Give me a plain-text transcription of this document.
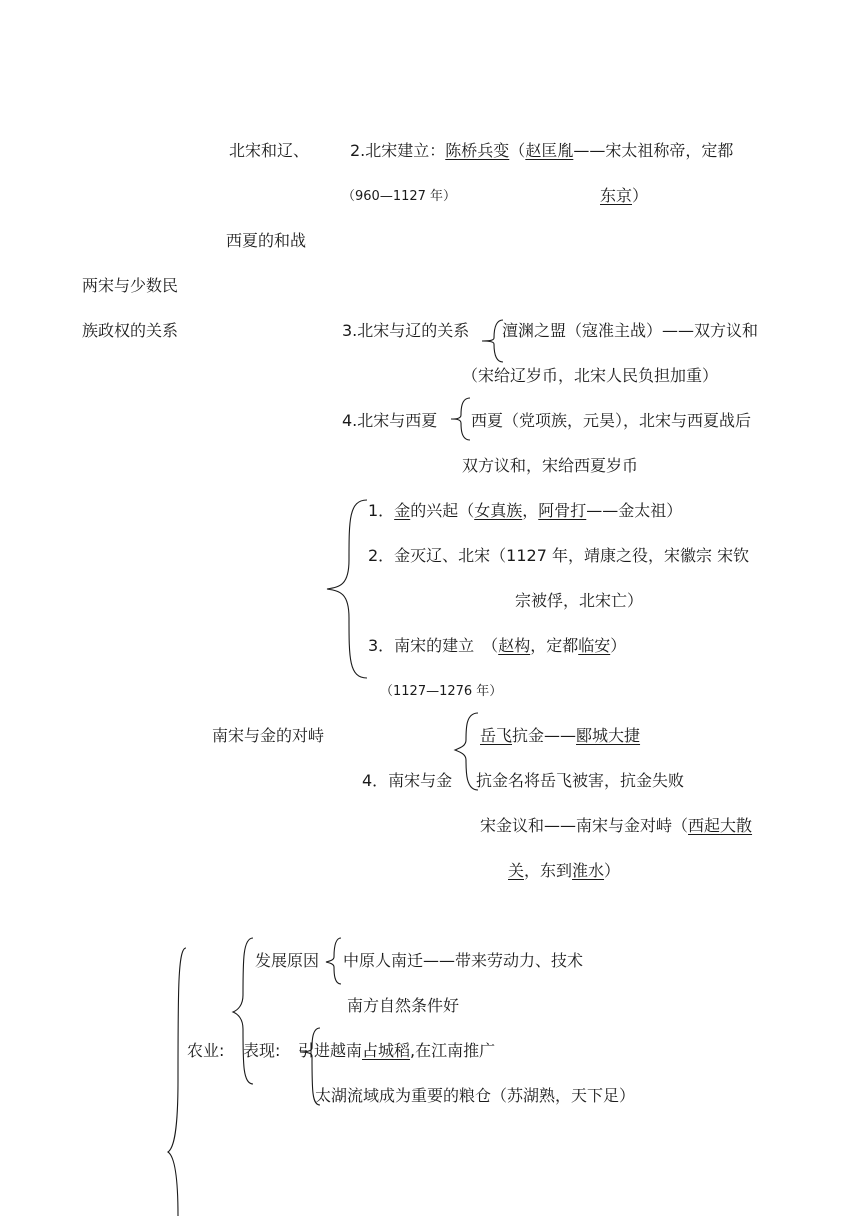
北宋和辽、	2.北宋建立：陈桥兵变（赵匡胤——宋太祖称帝，定都
（960—1127 年）	东京）
西夏的和战
两宋与少数民
族政权的关系	3.北宋与辽的关系 澶渊之盟（寇准主战）——双方议和
（宋给辽岁币，北宋人民负担加重）
4.北宋与西夏 西夏（党项族，元昊），北宋与西夏战后
双方议和，宋给西夏岁币
1．金的兴起（女真族，阿骨打——金太祖）
2．金灭辽、北宋（1127 年，靖康之役，宋徽宗 宋钦
宗被俘，北宋亡）
3．南宋的建立　（赵构，定都临安）
（1127—1276 年）
南宋与金的对峙	岳飞抗金——郾城大捷
4．南宋与金 抗金名将岳飞被害，抗金失败
宋金议和——南宋与金对峙（西起大散
关，东到淮水）
发展原因 中原人南迁——带来劳动力、技术
南方自然条件好
农业: 表现: 引进越南占城稻,在江南推广
太湖流域成为重要的粮仓（苏湖熟，天下足）
